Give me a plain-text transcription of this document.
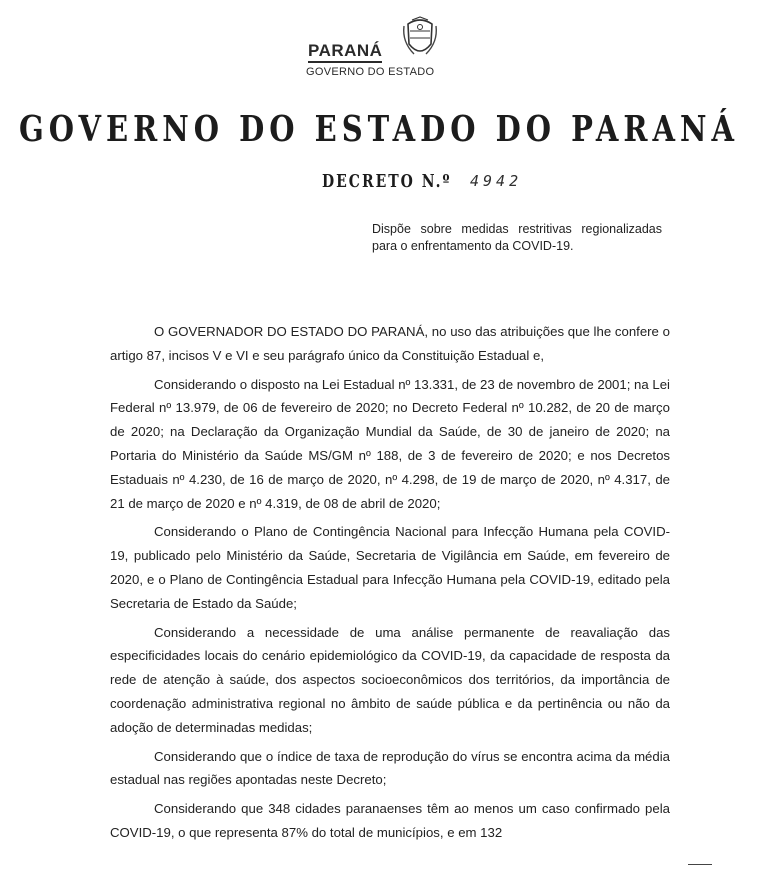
PARANÁ
GOVERNO DO ESTADO
GOVERNO DO ESTADO DO PARANÁ
DECRETO N.º 4942
Dispõe sobre medidas restritivas regionalizadas para o enfrentamento da COVID-19.

O GOVERNADOR DO ESTADO DO PARANÁ, no uso das atribuições que lhe confere o artigo 87, incisos V e VI e seu parágrafo único da Constituição Estadual e,

Considerando o disposto na Lei Estadual nº 13.331, de 23 de novembro de 2001; na Lei Federal nº 13.979, de 06 de fevereiro de 2020; no Decreto Federal nº 10.282, de 20 de março de 2020; na Declaração da Organização Mundial da Saúde, de 30 de janeiro de 2020; na Portaria do Ministério da Saúde MS/GM nº 188, de 3 de fevereiro de 2020; e nos Decretos Estaduais nº 4.230, de 16 de março de 2020, nº 4.298, de 19 de março de 2020, nº 4.317, de 21 de março de 2020 e nº 4.319, de 08 de abril de 2020;

Considerando o Plano de Contingência Nacional para Infecção Humana pela COVID-19, publicado pelo Ministério da Saúde, Secretaria de Vigilância em Saúde, em fevereiro de 2020, e o Plano de Contingência Estadual para Infecção Humana pela COVID-19, editado pela Secretaria de Estado da Saúde;

Considerando a necessidade de uma análise permanente de reavaliação das especificidades locais do cenário epidemiológico da COVID-19, da capacidade de resposta da rede de atenção à saúde, dos aspectos socioeconômicos dos territórios, da importância de coordenação administrativa regional no âmbito de saúde pública e da pertinência ou não da adoção de determinadas medidas;

Considerando que o índice de taxa de reprodução do vírus se encontra acima da média estadual nas regiões apontadas neste Decreto;

Considerando que 348 cidades paranaenses têm ao menos um caso confirmado pela COVID-19, o que representa 87% do total de municípios, e em 132
